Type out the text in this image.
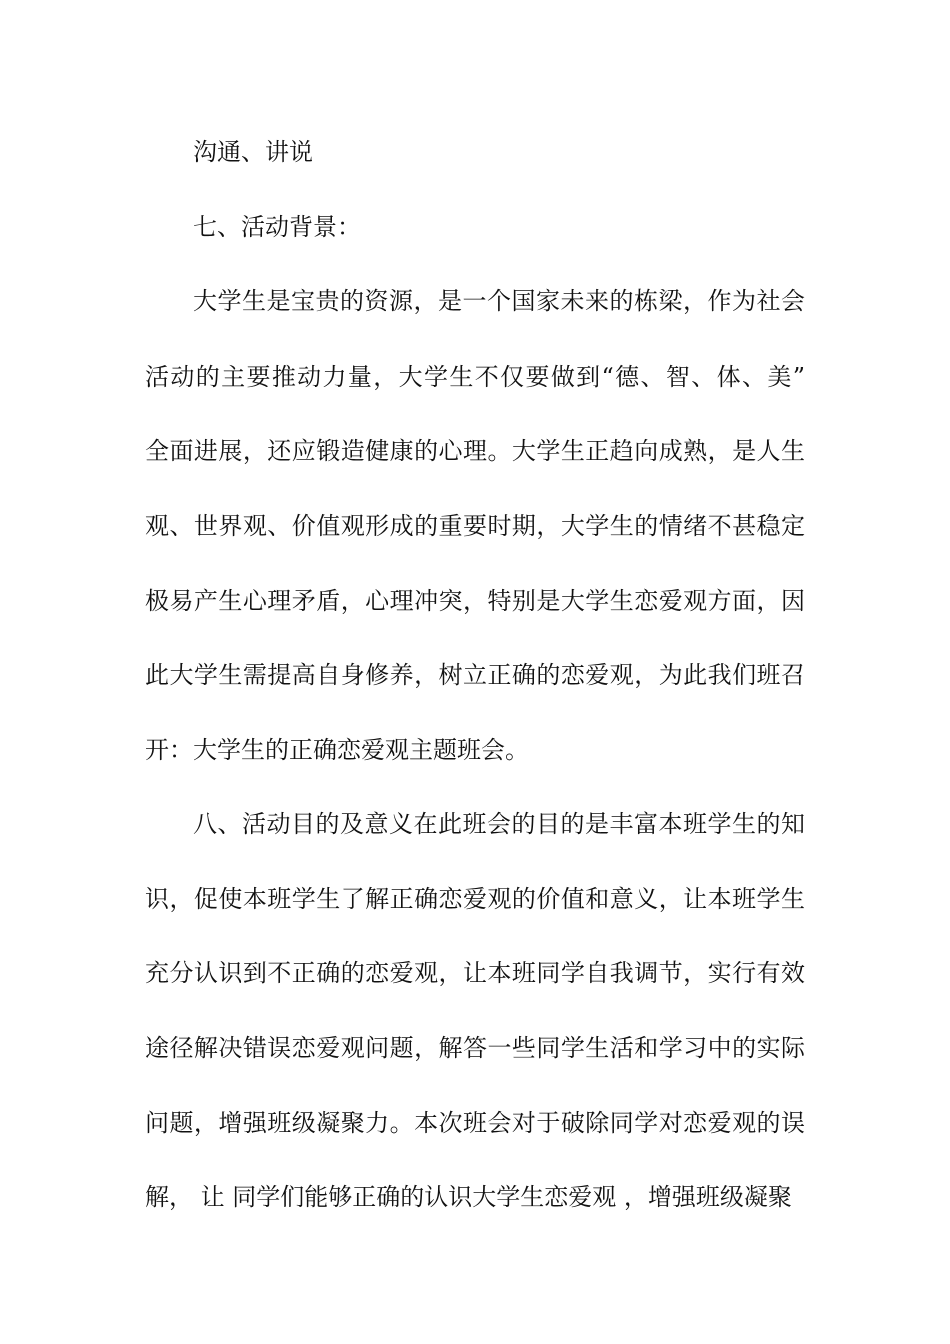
沟通、讲说
七、活动背景：
大学生是宝贵的资源，是一个国家未来的栋梁，作为社会
活动的主要推动力量，大学生不仅要做到“德、智、体、美”
全面进展，还应锻造健康的心理。大学生正趋向成熟，是人生
观、世界观、价值观形成的重要时期，大学生的情绪不甚稳定
极易产生心理矛盾，心理冲突，特别是大学生恋爱观方面，因
此大学生需提高自身修养，树立正确的恋爱观，为此我们班召
开：大学生的正确恋爱观主题班会。
八、活动目的及意义在此班会的目的是丰富本班学生的知
识，促使本班学生了解正确恋爱观的价值和意义，让本班学生
充分认识到不正确的恋爱观，让本班同学自我调节，实行有效
途径解决错误恋爱观问题，解答一些同学生活和学习中的实际
问题，增强班级凝聚力。本次班会对于破除同学对恋爱观的误
解， 让 同学们能够正确的认识大学生恋爱观 ，增强班级凝聚
